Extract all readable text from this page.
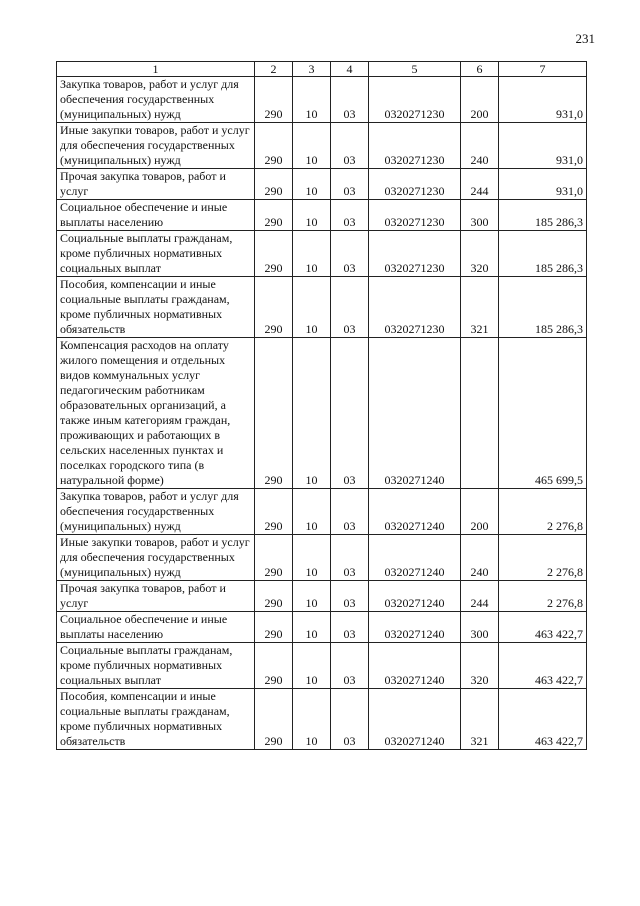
231
1	2	3	4	5	6	7
Закупка товаров, работ и услуг для обеспечения государственных (муниципальных) нужд	290	10	03	0320271230	200	931,0
Иные закупки товаров, работ и услуг для обеспечения государственных (муниципальных) нужд	290	10	03	0320271230	240	931,0
Прочая закупка товаров, работ и услуг	290	10	03	0320271230	244	931,0
Социальное обеспечение и иные выплаты населению	290	10	03	0320271230	300	185 286,3
Социальные выплаты гражданам, кроме публичных нормативных социальных выплат	290	10	03	0320271230	320	185 286,3
Пособия, компенсации и иные социальные выплаты гражданам, кроме публичных нормативных обязательств	290	10	03	0320271230	321	185 286,3
Компенсация расходов на оплату жилого помещения и отдельных видов коммунальных услуг педагогическим работникам образовательных организаций, а также иным категориям граждан, проживающих и работающих в сельских населенных пунктах и поселках городского типа (в натуральной форме)	290	10	03	0320271240		465 699,5
Закупка товаров, работ и услуг для обеспечения государственных (муниципальных) нужд	290	10	03	0320271240	200	2 276,8
Иные закупки товаров, работ и услуг для обеспечения государственных (муниципальных) нужд	290	10	03	0320271240	240	2 276,8
Прочая закупка товаров, работ и услуг	290	10	03	0320271240	244	2 276,8
Социальное обеспечение и иные выплаты населению	290	10	03	0320271240	300	463 422,7
Социальные выплаты гражданам, кроме публичных нормативных социальных выплат	290	10	03	0320271240	320	463 422,7
Пособия, компенсации и иные социальные выплаты гражданам, кроме публичных нормативных обязательств	290	10	03	0320271240	321	463 422,7
